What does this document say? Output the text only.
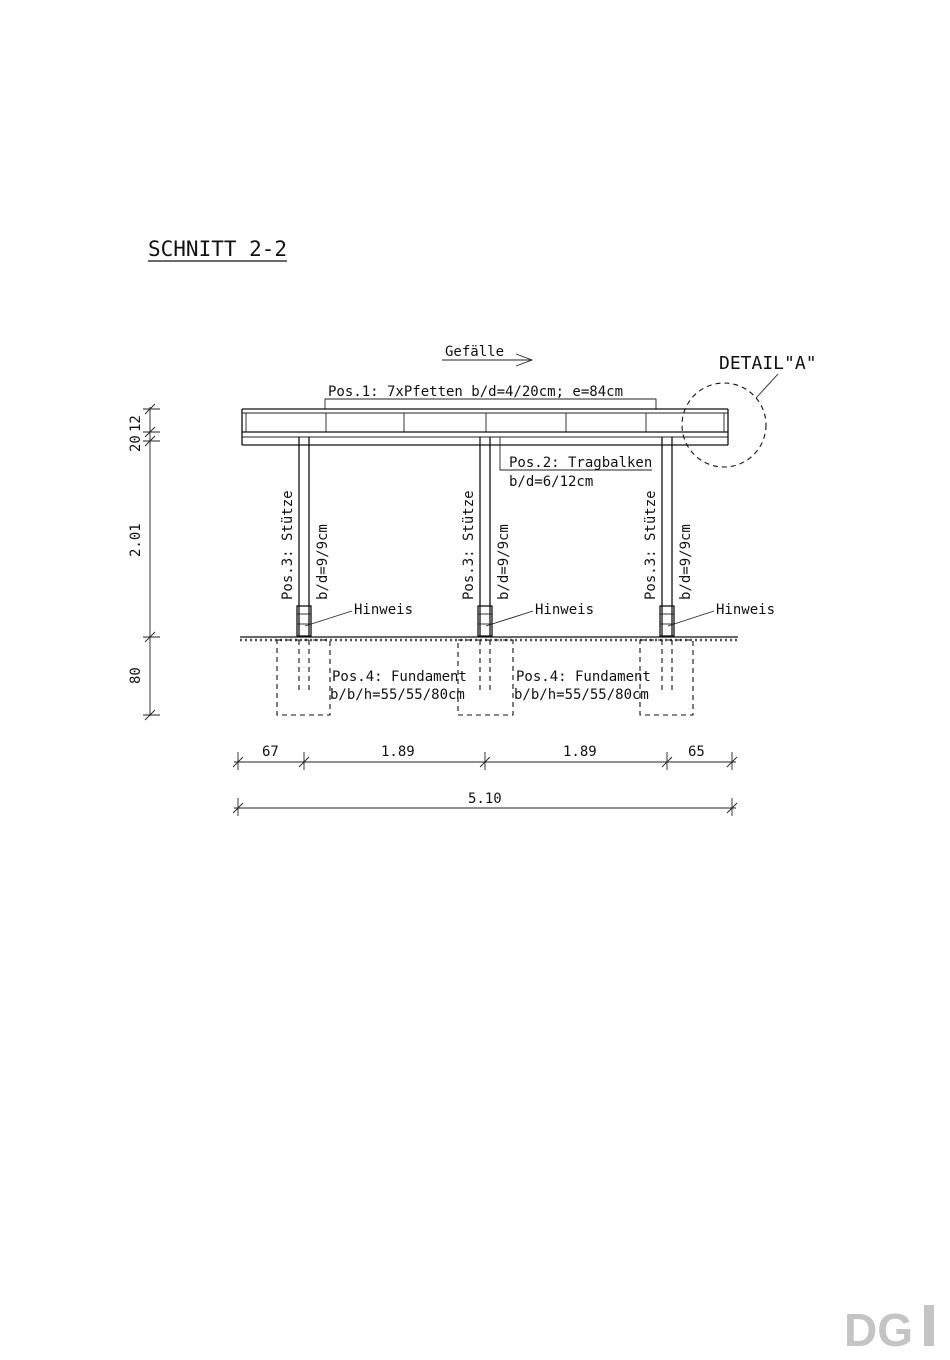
SCHNITT 2-2
Gefälle
Pos.1: 7xPfetten b/d=4/20cm; e=84cm
DETAIL"A"
Pos.2: Tragbalken
b/d=6/12cm
Pos.3: Stütze b/d=9/9cm	Pos.3: Stütze b/d=9/9cm	Pos.3: Stütze b/d=9/9cm
Hinweis	Hinweis	Hinweis
Pos.4: Fundament
b/b/h=55/55/80cm
Pos.4: Fundament
b/b/h=55/55/80cm
12
20
2.01
80
67	1.89	1.89	65
5.10
DG VERBUND
